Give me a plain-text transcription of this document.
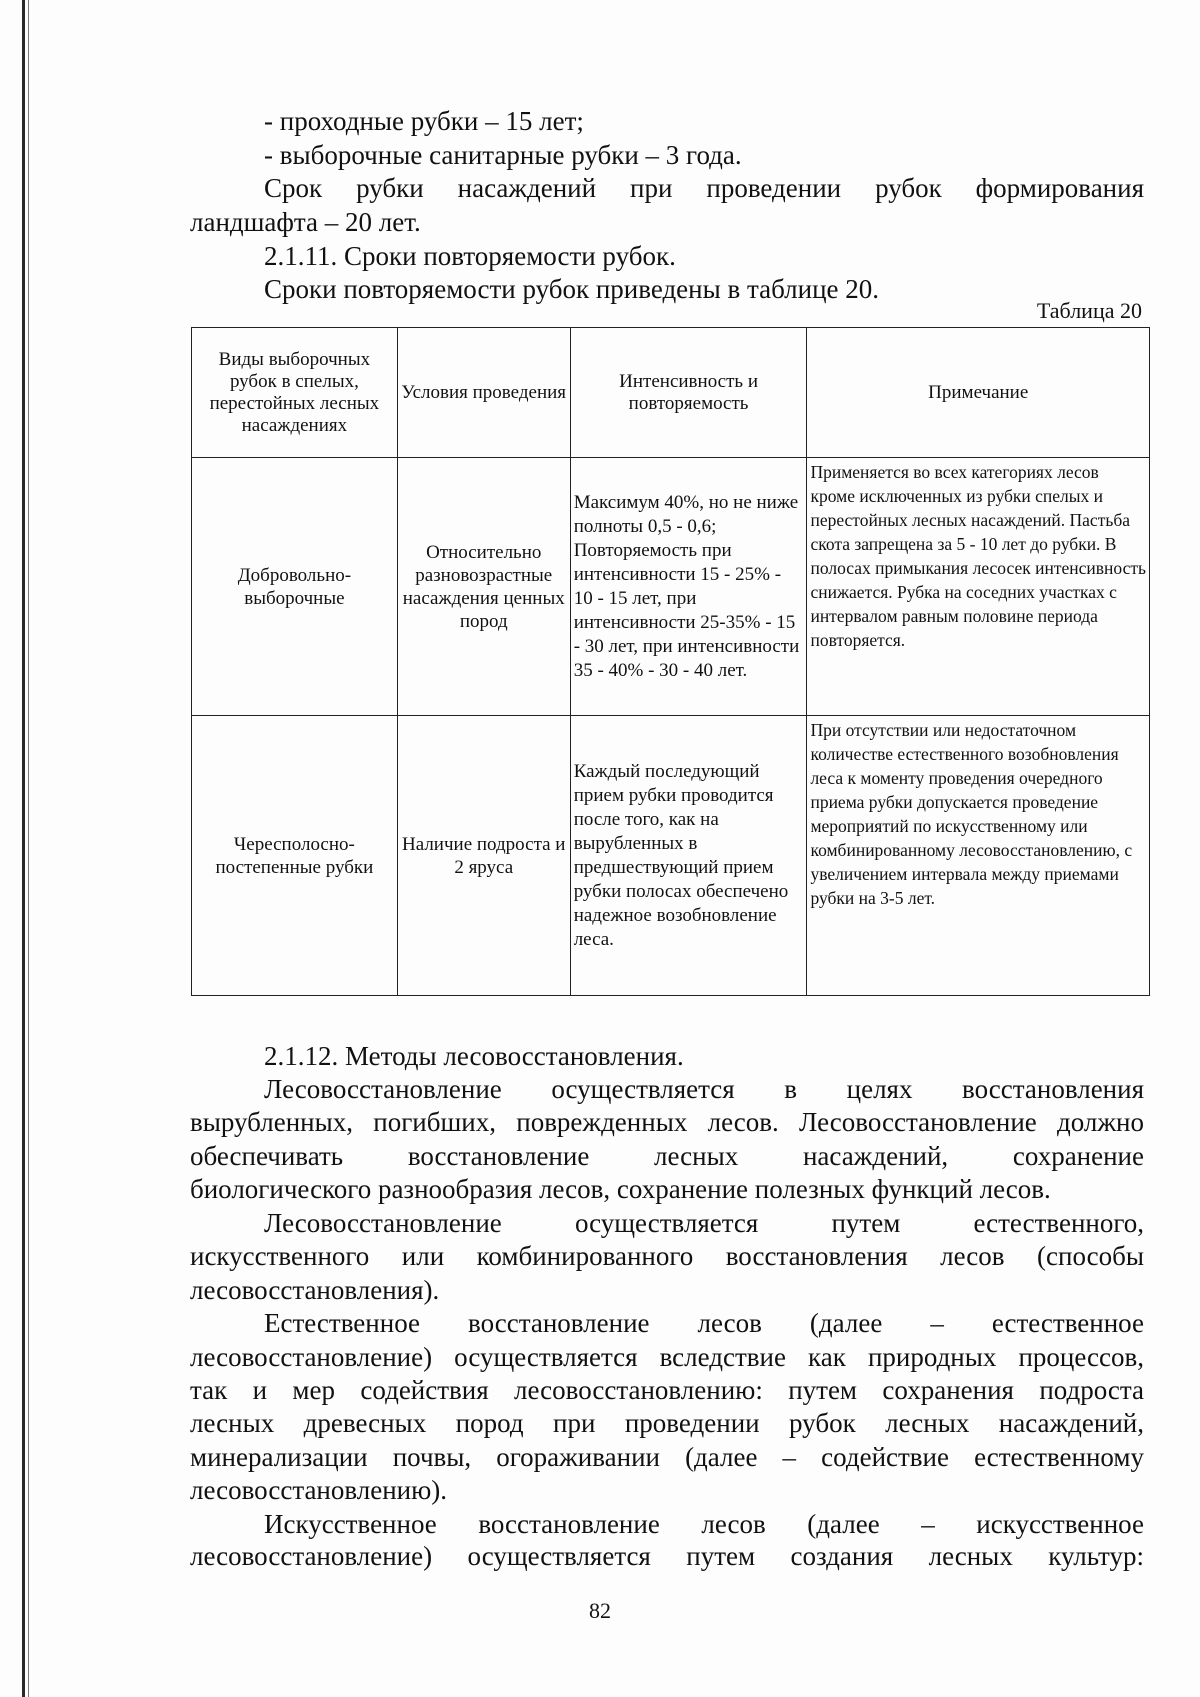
- проходные рубки – 15 лет;
- выборочные санитарные рубки – 3 года.
Срок рубки насаждений при проведении рубок формирования
ландшафта – 20 лет.
2.1.11. Сроки повторяемости рубок.
Сроки повторяемости рубок приведены в таблице 20.
Таблица 20
Виды выборочных рубок в спелых, перестойных лесных насаждениях	Условия проведения	Интенсивность и повторяемость	Примечание
Добровольно-выборочные	Относительно разновозрастные насаждения ценных пород	Максимум 40%, но не ниже полноты 0,5 - 0,6; Повторяемость при интенсивности 15 - 25% - 10 - 15 лет, при интенсивности 25-35% - 15 - 30 лет, при интенсивности 35 - 40% - 30 - 40 лет.	Применяется во всех категориях лесов кроме исключенных из рубки спелых и перестойных лесных насаждений. Пастьба скота запрещена за 5 - 10 лет до рубки. В полосах примыкания лесосек интенсивность снижается. Рубка на соседних участках с интервалом равным половине периода повторяется.
Чересполосно-постепенные рубки	Наличие подроста и 2 яруса	Каждый последующий прием рубки проводится после того, как на вырубленных в предшествующий прием рубки полосах обеспечено надежное возобновление леса.	При отсутствии или недостаточном количестве естественного возобновления леса к моменту проведения очередного приема рубки допускается проведение мероприятий по искусственному или комбинированному лесовосстановлению, с увеличением интервала между приемами рубки на 3-5 лет.
2.1.12. Методы лесовосстановления.
Лесовосстановление осуществляется в целях восстановления
вырубленных, погибших, поврежденных лесов. Лесовосстановление должно
обеспечивать восстановление лесных насаждений, сохранение
биологического разнообразия лесов, сохранение полезных функций лесов.
Лесовосстановление осуществляется путем естественного,
искусственного или комбинированного восстановления лесов (способы
лесовосстановления).
Естественное восстановление лесов (далее – естественное
лесовосстановление) осуществляется вследствие как природных процессов,
так и мер содействия лесовосстановлению: путем сохранения подроста
лесных древесных пород при проведении рубок лесных насаждений,
минерализации почвы, огораживании (далее – содействие естественному
лесовосстановлению).
Искусственное восстановление лесов (далее – искусственное
лесовосстановление) осуществляется путем создания лесных культур:
82
